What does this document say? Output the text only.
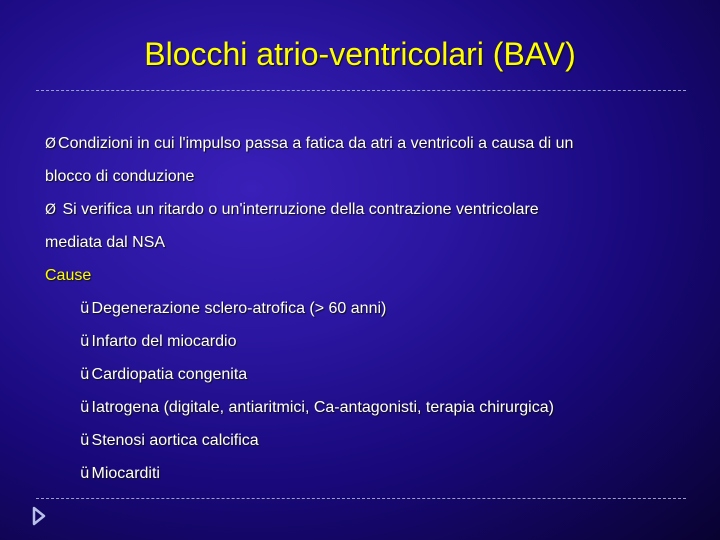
Blocchi atrio-ventricolari (BAV)
Ø Condizioni in cui l'impulso passa a fatica da atri a ventricoli a causa di un
blocco di conduzione
Ø Si verifica un ritardo o un'interruzione della contrazione ventricolare
mediata dal NSA
Cause
ü Degenerazione sclero-atrofica (> 60 anni)
ü Infarto del miocardio
ü Cardiopatia congenita
ü Iatrogena (digitale, antiaritmici, Ca-antagonisti, terapia chirurgica)
ü Stenosi aortica calcifica
ü Miocarditi
